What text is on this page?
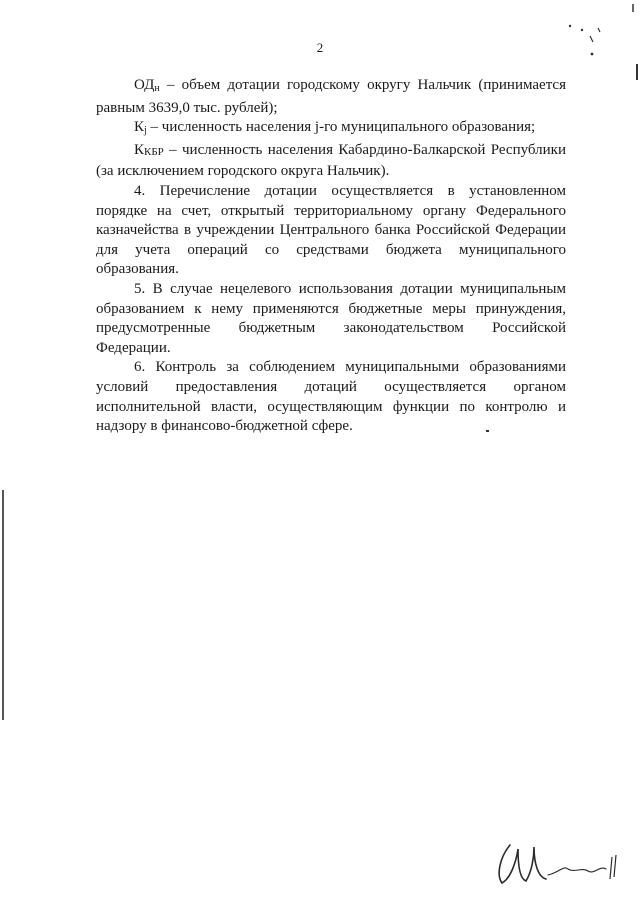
2

ОДн – объем дотации городскому округу Нальчик (принимается равным 3639,0 тыс. рублей);

Кj – численность населения j-го муниципального образования;

ККБР – численность населения Кабардино-Балкарской Республики (за исключением городского округа Нальчик).

4. Перечисление дотации осуществляется в установленном порядке на счет, открытый территориальному органу Федерального казначейства в учреждении Центрального банка Российской Федерации для учета операций со средствами бюджета муниципального образования.

5. В случае нецелевого использования дотации муниципальным образованием к нему применяются бюджетные меры принуждения, предусмотренные бюджетным законодательством Российской Федерации.

6. Контроль за соблюдением муниципальными образованиями условий предоставления дотаций осуществляется органом исполнительной власти, осуществляющим функции по контролю и надзору в финансово-бюджетной сфере.
